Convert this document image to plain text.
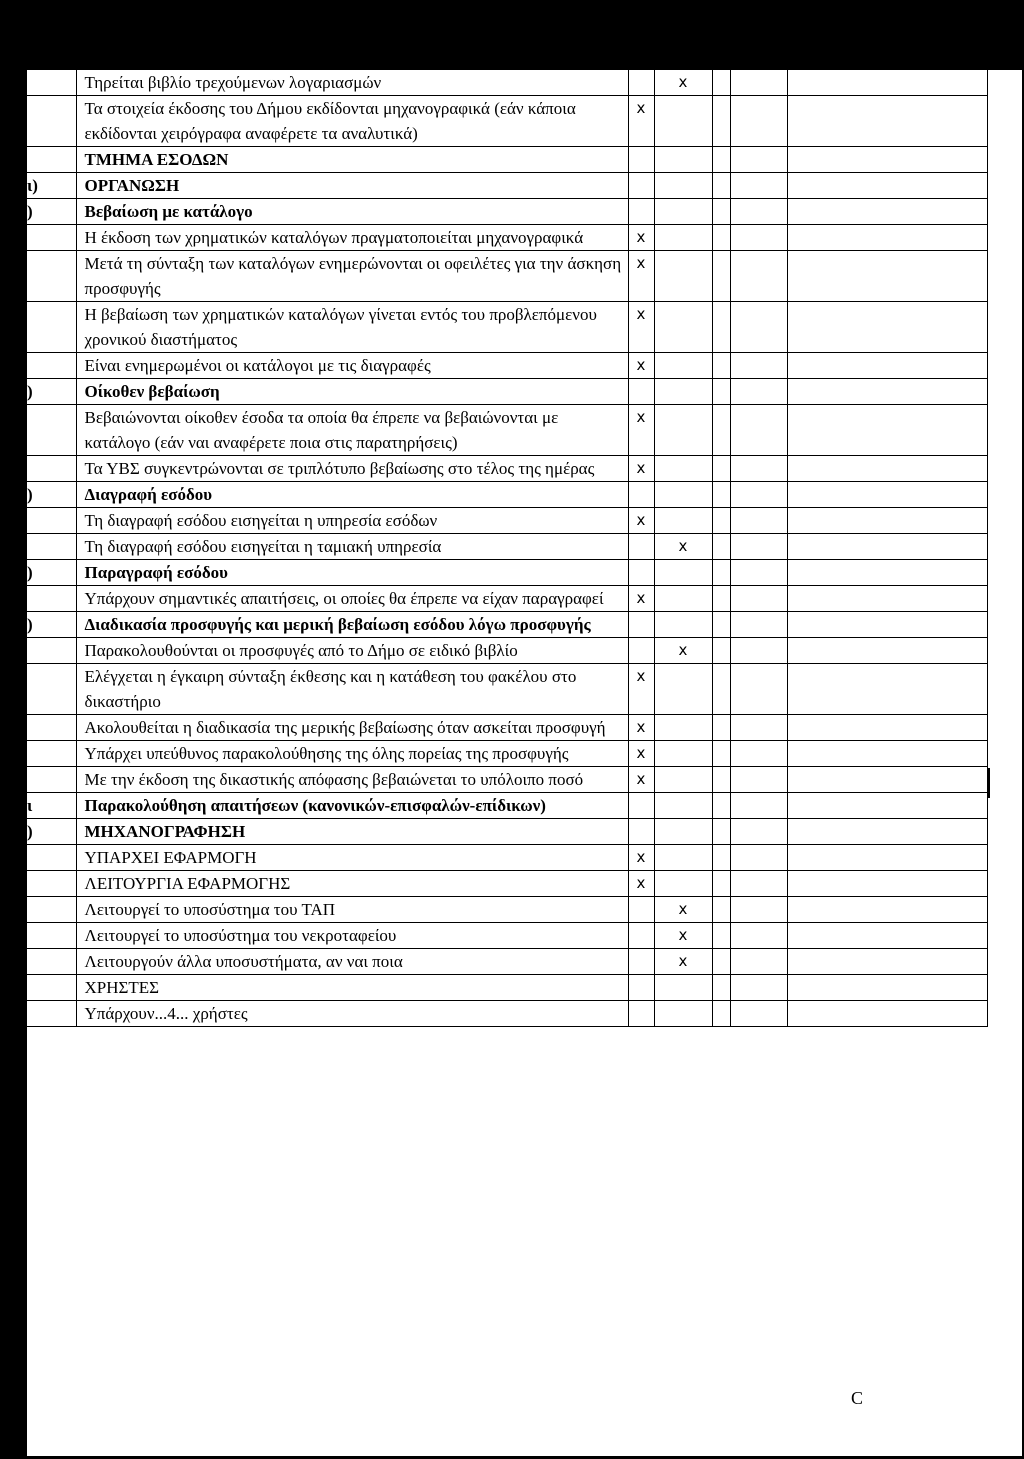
	Τηρείται βιβλίο τρεχούμενων λογαριασμών		x				
	Τα στοιχεία έκδοσης του Δήμου εκδίδονται μηχανογραφικά (εάν κάποια εκδίδονται χειρόγραφα αναφέρετε τα αναλυτικά)	x					
	ΤΜΗΜΑ ΕΣΟΔΩΝ						
ι)	ΟΡΓΑΝΩΣΗ						
)	Βεβαίωση με κατάλογο						
	Η έκδοση των χρηματικών καταλόγων πραγματοποιείται μηχανογραφικά	x					
	Μετά τη σύνταξη των καταλόγων ενημερώνονται οι οφειλέτες για την άσκηση προσφυγής	x					
	Η βεβαίωση των χρηματικών καταλόγων γίνεται εντός του προβλεπόμενου χρονικού διαστήματος	x					
	Είναι ενημερωμένοι οι κατάλογοι με τις διαγραφές	x					
)	Οίκοθεν βεβαίωση						
	Βεβαιώνονται οίκοθεν έσοδα τα οποία θα έπρεπε να βεβαιώνονται με κατάλογο (εάν ναι αναφέρετε ποια στις παρατηρήσεις)	x					
	Τα ΥΒΣ συγκεντρώνονται σε τριπλότυπο βεβαίωσης στο τέλος της ημέρας	x					
)	Διαγραφή εσόδου						
	Τη διαγραφή εσόδου εισηγείται η υπηρεσία εσόδων	x					
	Τη διαγραφή εσόδου εισηγείται η ταμιακή υπηρεσία		x				
)	Παραγραφή εσόδου						
	Υπάρχουν σημαντικές απαιτήσεις, οι οποίες θα έπρεπε να είχαν παραγραφεί	x					
)	Διαδικασία προσφυγής και μερική βεβαίωση εσόδου λόγω προσφυγής						
	Παρακολουθούνται οι προσφυγές από το Δήμο σε ειδικό βιβλίο		x				
	Ελέγχεται η έγκαιρη σύνταξη έκθεσης και η κατάθεση του φακέλου στο δικαστήριο	x					
	Ακολουθείται η διαδικασία της μερικής βεβαίωσης όταν ασκείται προσφυγή	x					
	Υπάρχει υπεύθυνος παρακολούθησης της όλης πορείας της προσφυγής	x					
	Με την έκδοση της δικαστικής απόφασης βεβαιώνεται το υπόλοιπο ποσό	x					
ι	Παρακολούθηση απαιτήσεων (κανονικών-επισφαλών-επίδικων)						
)	ΜΗΧΑΝΟΓΡΑΦΗΣΗ						
	ΥΠΑΡΧΕΙ ΕΦΑΡΜΟΓΗ	x					
	ΛΕΙΤΟΥΡΓΙΑ ΕΦΑΡΜΟΓΗΣ	x					
	Λειτουργεί το υποσύστημα του ΤΑΠ		x				
	Λειτουργεί το υποσύστημα του νεκροταφείου		x				
	Λειτουργούν άλλα υποσυστήματα, αν ναι ποια		x				
	ΧΡΗΣΤΕΣ						
	Υπάρχουν...4... χρήστες						
C
